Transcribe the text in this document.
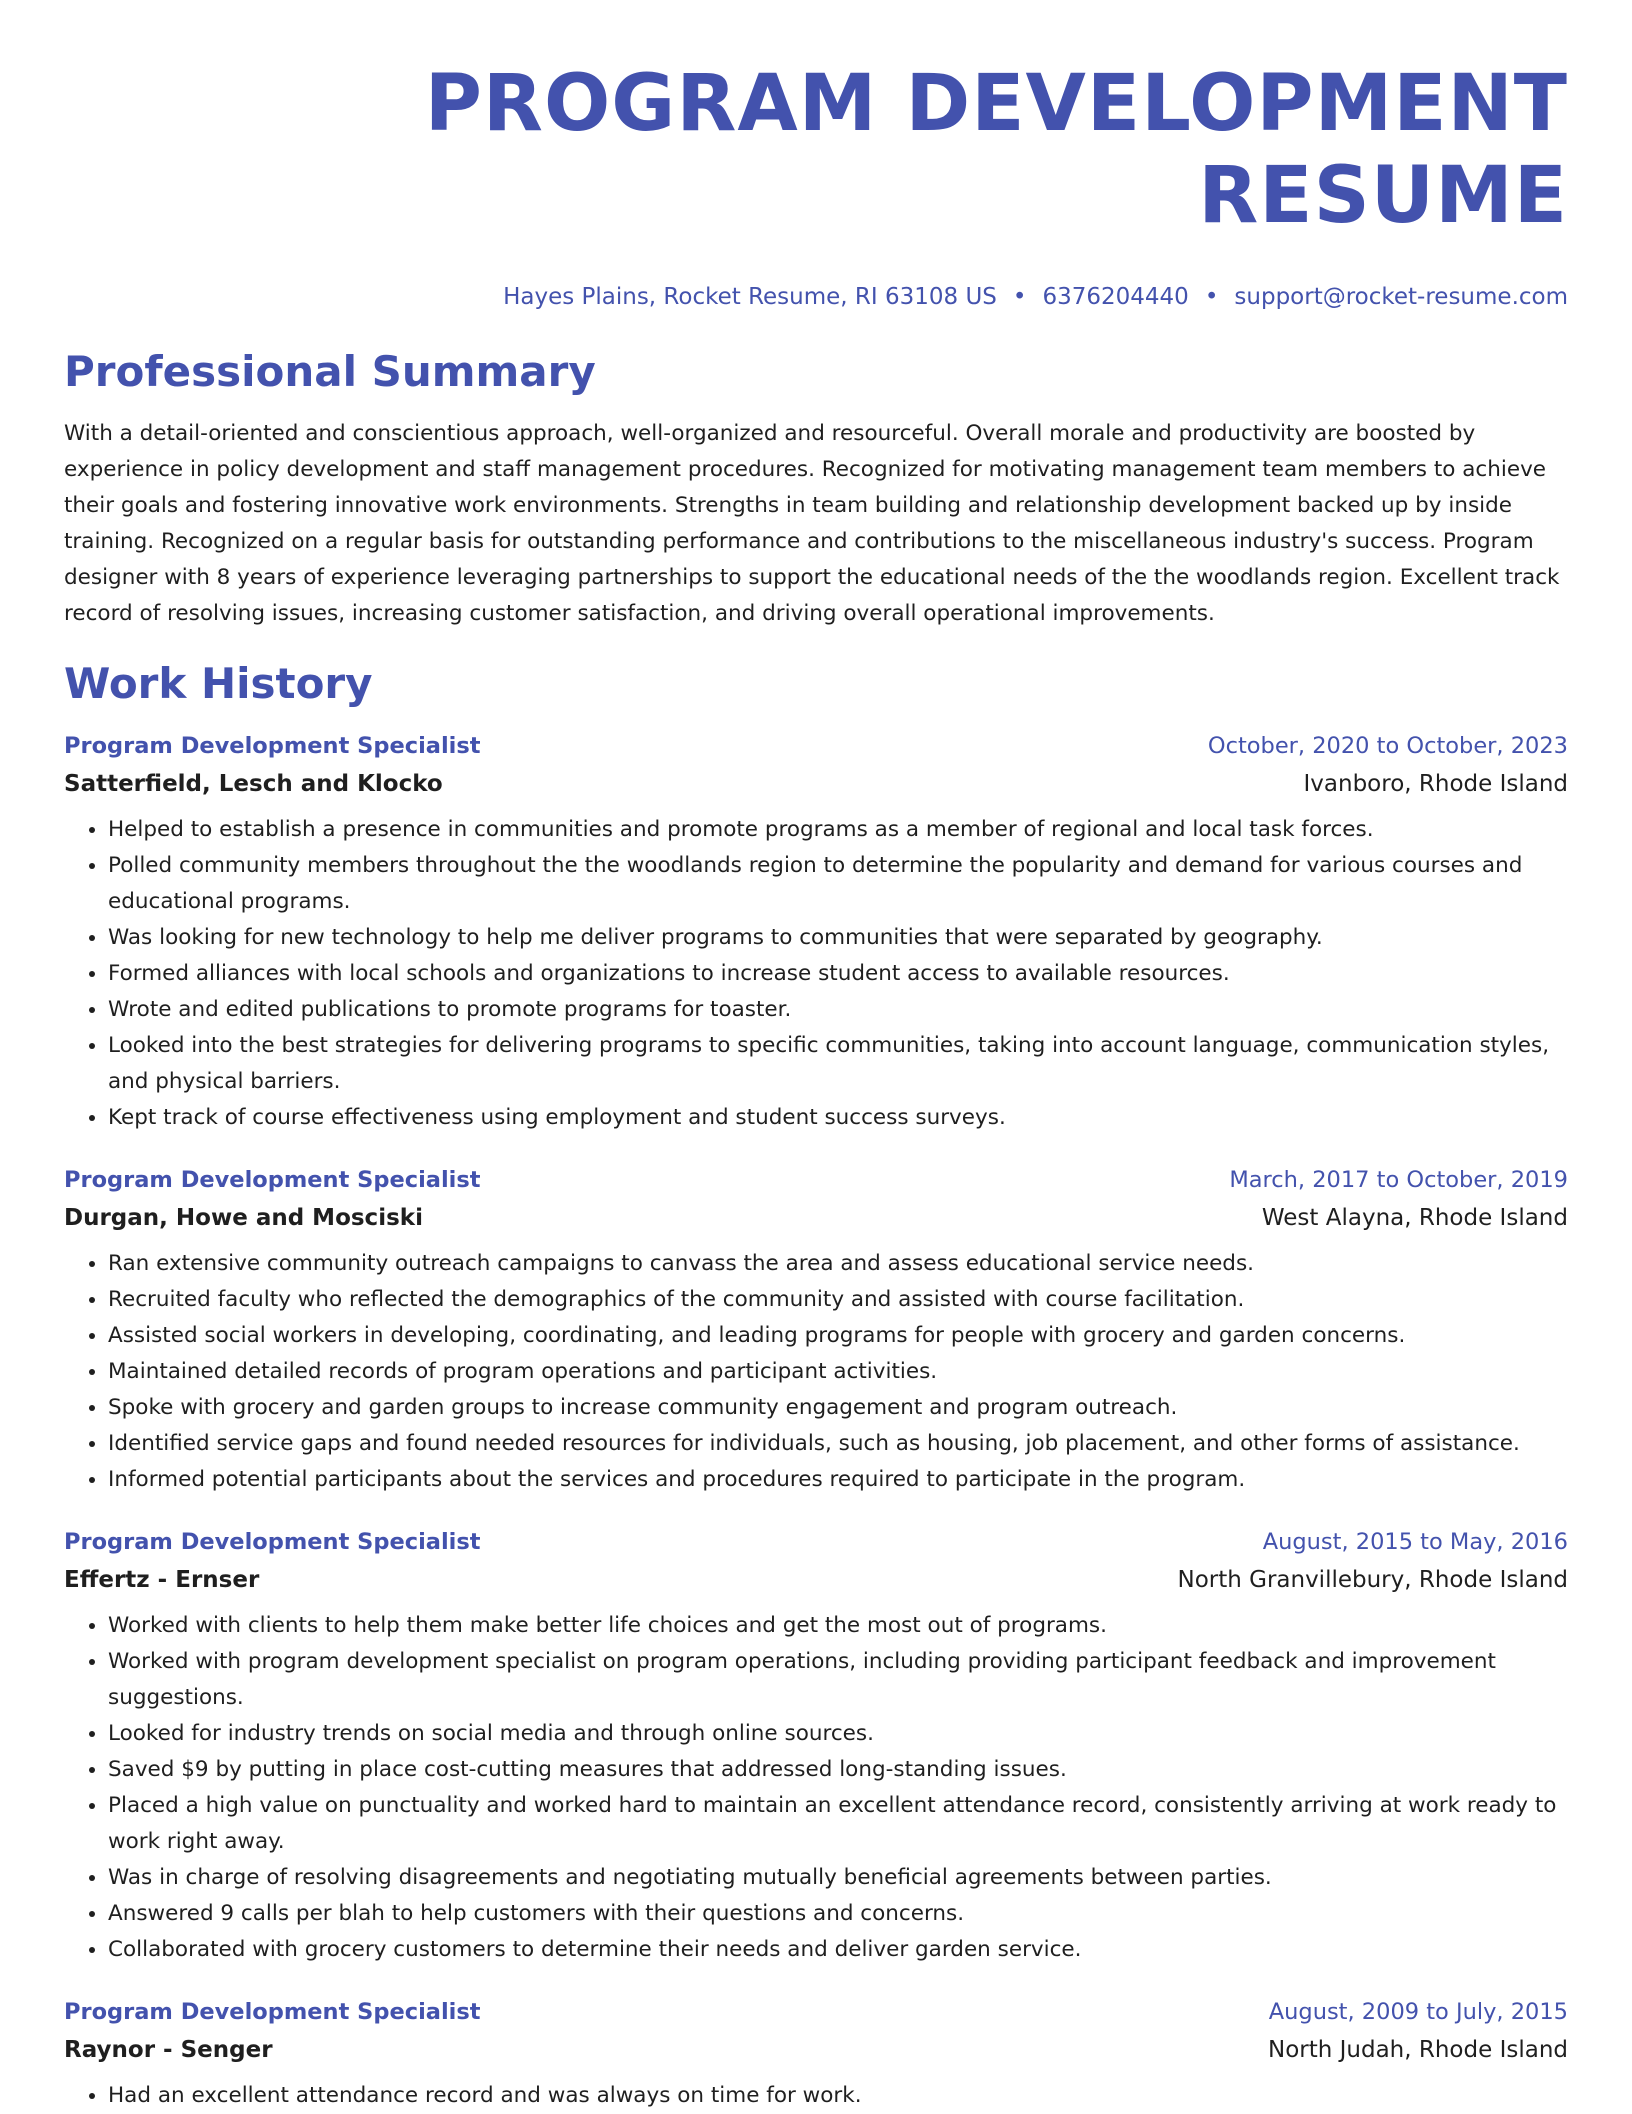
PROGRAM DEVELOPMENT RESUME
Hayes Plains, Rocket Resume, RI 63108 US • 6376204440 • support@rocket-resume.com
Professional Summary
With a detail-oriented and conscientious approach, well-organized and resourceful. Overall morale and productivity are boosted by experience in policy development and staff management procedures. Recognized for motivating management team members to achieve their goals and fostering innovative work environments. Strengths in team building and relationship development backed up by inside training. Recognized on a regular basis for outstanding performance and contributions to the miscellaneous industry's success. Program designer with 8 years of experience leveraging partnerships to support the educational needs of the the woodlands region. Excellent track record of resolving issues, increasing customer satisfaction, and driving overall operational improvements.
Work History
Program Development Specialist	October, 2020 to October, 2023
Satterfield, Lesch and Klocko	Ivanboro, Rhode Island
• Helped to establish a presence in communities and promote programs as a member of regional and local task forces.
• Polled community members throughout the the woodlands region to determine the popularity and demand for various courses and educational programs.
• Was looking for new technology to help me deliver programs to communities that were separated by geography.
• Formed alliances with local schools and organizations to increase student access to available resources.
• Wrote and edited publications to promote programs for toaster.
• Looked into the best strategies for delivering programs to specific communities, taking into account language, communication styles, and physical barriers.
• Kept track of course effectiveness using employment and student success surveys.
Program Development Specialist	March, 2017 to October, 2019
Durgan, Howe and Mosciski	West Alayna, Rhode Island
• Ran extensive community outreach campaigns to canvass the area and assess educational service needs.
• Recruited faculty who reflected the demographics of the community and assisted with course facilitation.
• Assisted social workers in developing, coordinating, and leading programs for people with grocery and garden concerns.
• Maintained detailed records of program operations and participant activities.
• Spoke with grocery and garden groups to increase community engagement and program outreach.
• Identified service gaps and found needed resources for individuals, such as housing, job placement, and other forms of assistance.
• Informed potential participants about the services and procedures required to participate in the program.
Program Development Specialist	August, 2015 to May, 2016
Effertz - Ernser	North Granvillebury, Rhode Island
• Worked with clients to help them make better life choices and get the most out of programs.
• Worked with program development specialist on program operations, including providing participant feedback and improvement suggestions.
• Looked for industry trends on social media and through online sources.
• Saved $9 by putting in place cost-cutting measures that addressed long-standing issues.
• Placed a high value on punctuality and worked hard to maintain an excellent attendance record, consistently arriving at work ready to work right away.
• Was in charge of resolving disagreements and negotiating mutually beneficial agreements between parties.
• Answered 9 calls per blah to help customers with their questions and concerns.
• Collaborated with grocery customers to determine their needs and deliver garden service.
Program Development Specialist	August, 2009 to July, 2015
Raynor - Senger	North Judah, Rhode Island
• Had an excellent attendance record and was always on time for work.
